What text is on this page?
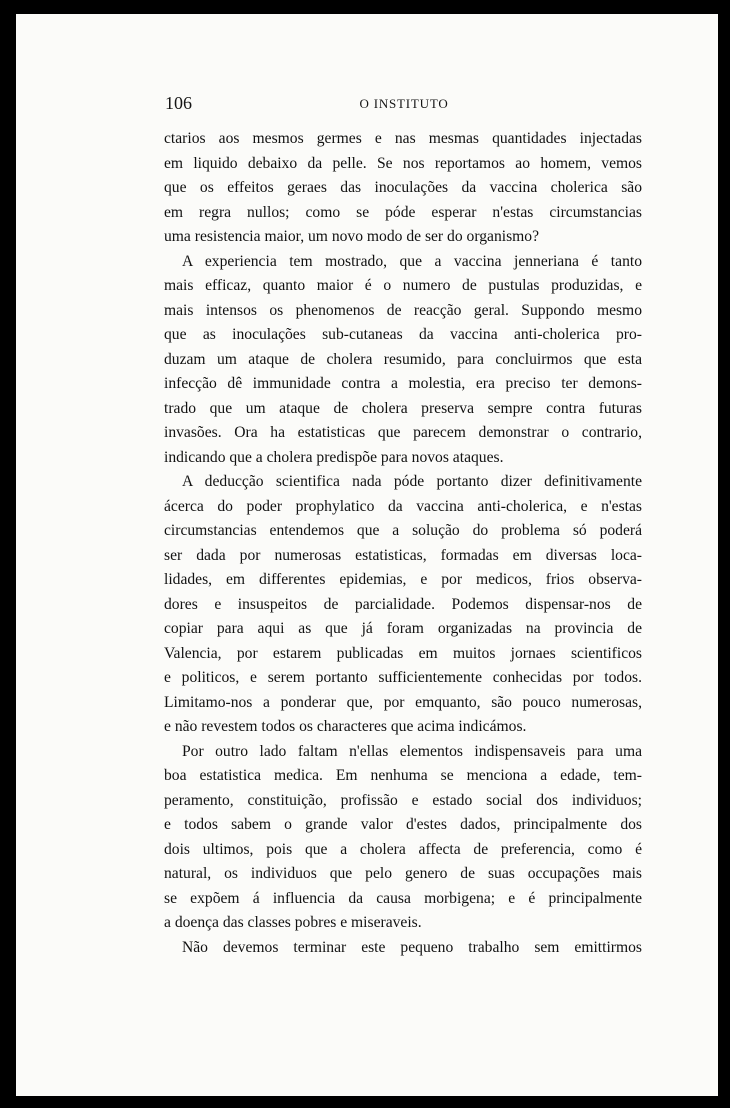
106	O INSTITUTO
ctarios aos mesmos germes e nas mesmas quantidades injectadas
em liquido debaixo da pelle. Se nos reportamos ao homem, vemos
que os effeitos geraes das inoculações da vaccina cholerica são
em regra nullos; como se póde esperar n'estas circumstancias
uma resistencia maior, um novo modo de ser do organismo?
A experiencia tem mostrado, que a vaccina jenneriana é tanto
mais efficaz, quanto maior é o numero de pustulas produzidas, e
mais intensos os phenomenos de reacção geral. Suppondo mesmo
que as inoculações sub-cutaneas da vaccina anti-cholerica pro-
duzam um ataque de cholera resumido, para concluirmos que esta
infecção dê immunidade contra a molestia, era preciso ter demons-
trado que um ataque de cholera preserva sempre contra futuras
invasões. Ora ha estatisticas que parecem demonstrar o contrario,
indicando que a cholera predispõe para novos ataques.
A deducção scientifica nada póde portanto dizer definitivamente
ácerca do poder prophylatico da vaccina anti-cholerica, e n'estas
circumstancias entendemos que a solução do problema só poderá
ser dada por numerosas estatisticas, formadas em diversas loca-
lidades, em differentes epidemias, e por medicos, frios observa-
dores e insuspeitos de parcialidade. Podemos dispensar-nos de
copiar para aqui as que já foram organizadas na provincia de
Valencia, por estarem publicadas em muitos jornaes scientificos
e politicos, e serem portanto sufficientemente conhecidas por todos.
Limitamo-nos a ponderar que, por emquanto, são pouco numerosas,
e não revestem todos os characteres que acima indicámos.
Por outro lado faltam n'ellas elementos indispensaveis para uma
boa estatistica medica. Em nenhuma se menciona a edade, tem-
peramento, constituição, profissão e estado social dos individuos;
e todos sabem o grande valor d'estes dados, principalmente dos
dois ultimos, pois que a cholera affecta de preferencia, como é
natural, os individuos que pelo genero de suas occupações mais
se expõem á influencia da causa morbigena; e é principalmente
a doença das classes pobres e miseraveis.
Não devemos terminar este pequeno trabalho sem emittirmos
